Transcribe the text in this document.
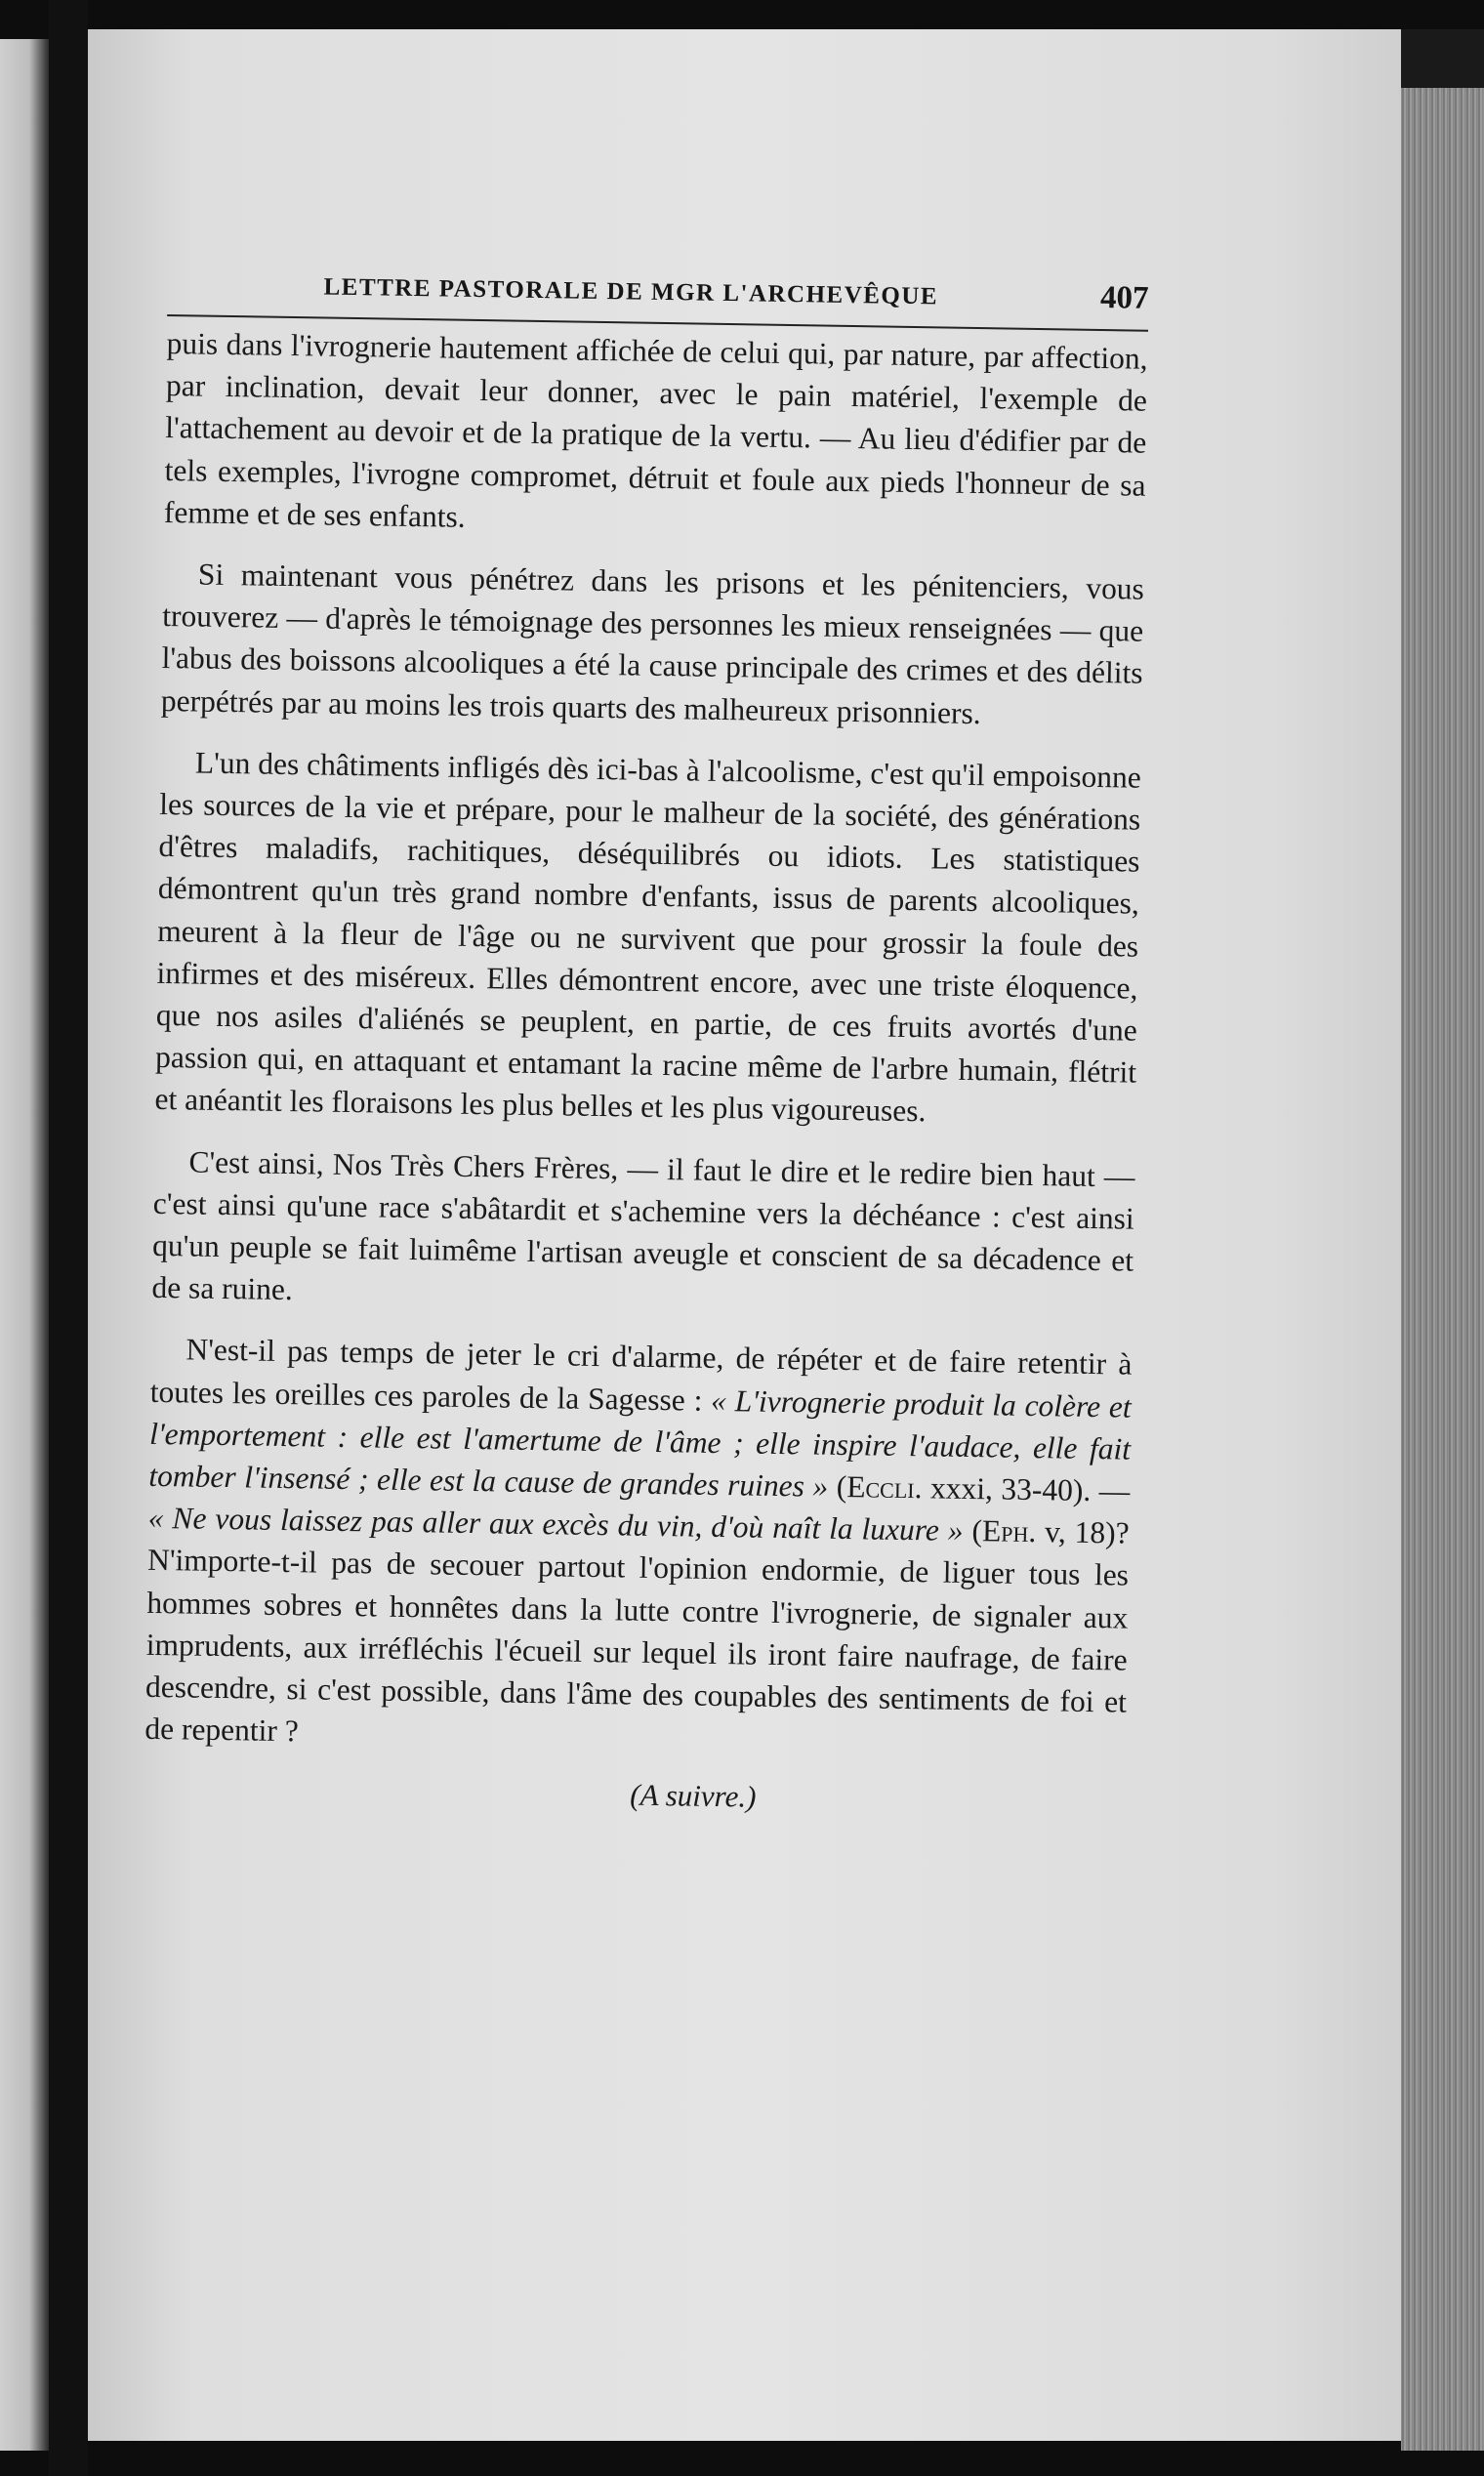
LETTRE PASTORALE DE MGR L'ARCHEVÊQUE	407

puis dans l'ivrognerie hautement affichée de celui qui, par nature, par affection, par inclination, devait leur donner, avec le pain matériel, l'exemple de l'attachement au devoir et de la pratique de la vertu. — Au lieu d'édifier par de tels exemples, l'ivrogne compromet, détruit et foule aux pieds l'honneur de sa femme et de ses enfants.

Si maintenant vous pénétrez dans les prisons et les pénitenciers, vous trouverez — d'après le témoignage des personnes les mieux renseignées — que l'abus des boissons alcooliques a été la cause principale des crimes et des délits perpétrés par au moins les trois quarts des malheureux prisonniers.

L'un des châtiments infligés dès ici-bas à l'alcoolisme, c'est qu'il empoisonne les sources de la vie et prépare, pour le malheur de la société, des générations d'êtres maladifs, rachitiques, déséquilibrés ou idiots. Les statistiques démontrent qu'un très grand nombre d'enfants, issus de parents alcooliques, meurent à la fleur de l'âge ou ne survivent que pour grossir la foule des infirmes et des miséreux. Elles démontrent encore, avec une triste éloquence, que nos asiles d'aliénés se peuplent, en partie, de ces fruits avortés d'une passion qui, en attaquant et entamant la racine même de l'arbre humain, flétrit et anéantit les floraisons les plus belles et les plus vigoureuses.

C'est ainsi, Nos Très Chers Frères, — il faut le dire et le redire bien haut — c'est ainsi qu'une race s'abâtardit et s'achemine vers la déchéance : c'est ainsi qu'un peuple se fait luimême l'artisan aveugle et conscient de sa décadence et de sa ruine.

N'est-il pas temps de jeter le cri d'alarme, de répéter et de faire retentir à toutes les oreilles ces paroles de la Sagesse : « L'ivrognerie produit la colère et l'emportement : elle est l'amertume de l'âme ; elle inspire l'audace, elle fait tomber l'insensé ; elle est la cause de grandes ruines » (Eccli. xxxi, 33-40). — « Ne vous laissez pas aller aux excès du vin, d'où naît la luxure » (Eph. v, 18)? N'importe-t-il pas de secouer partout l'opinion endormie, de liguer tous les hommes sobres et honnêtes dans la lutte contre l'ivrognerie, de signaler aux imprudents, aux irréfléchis l'écueil sur lequel ils iront faire naufrage, de faire descendre, si c'est possible, dans l'âme des coupables des sentiments de foi et de repentir ?

(A suivre.)
